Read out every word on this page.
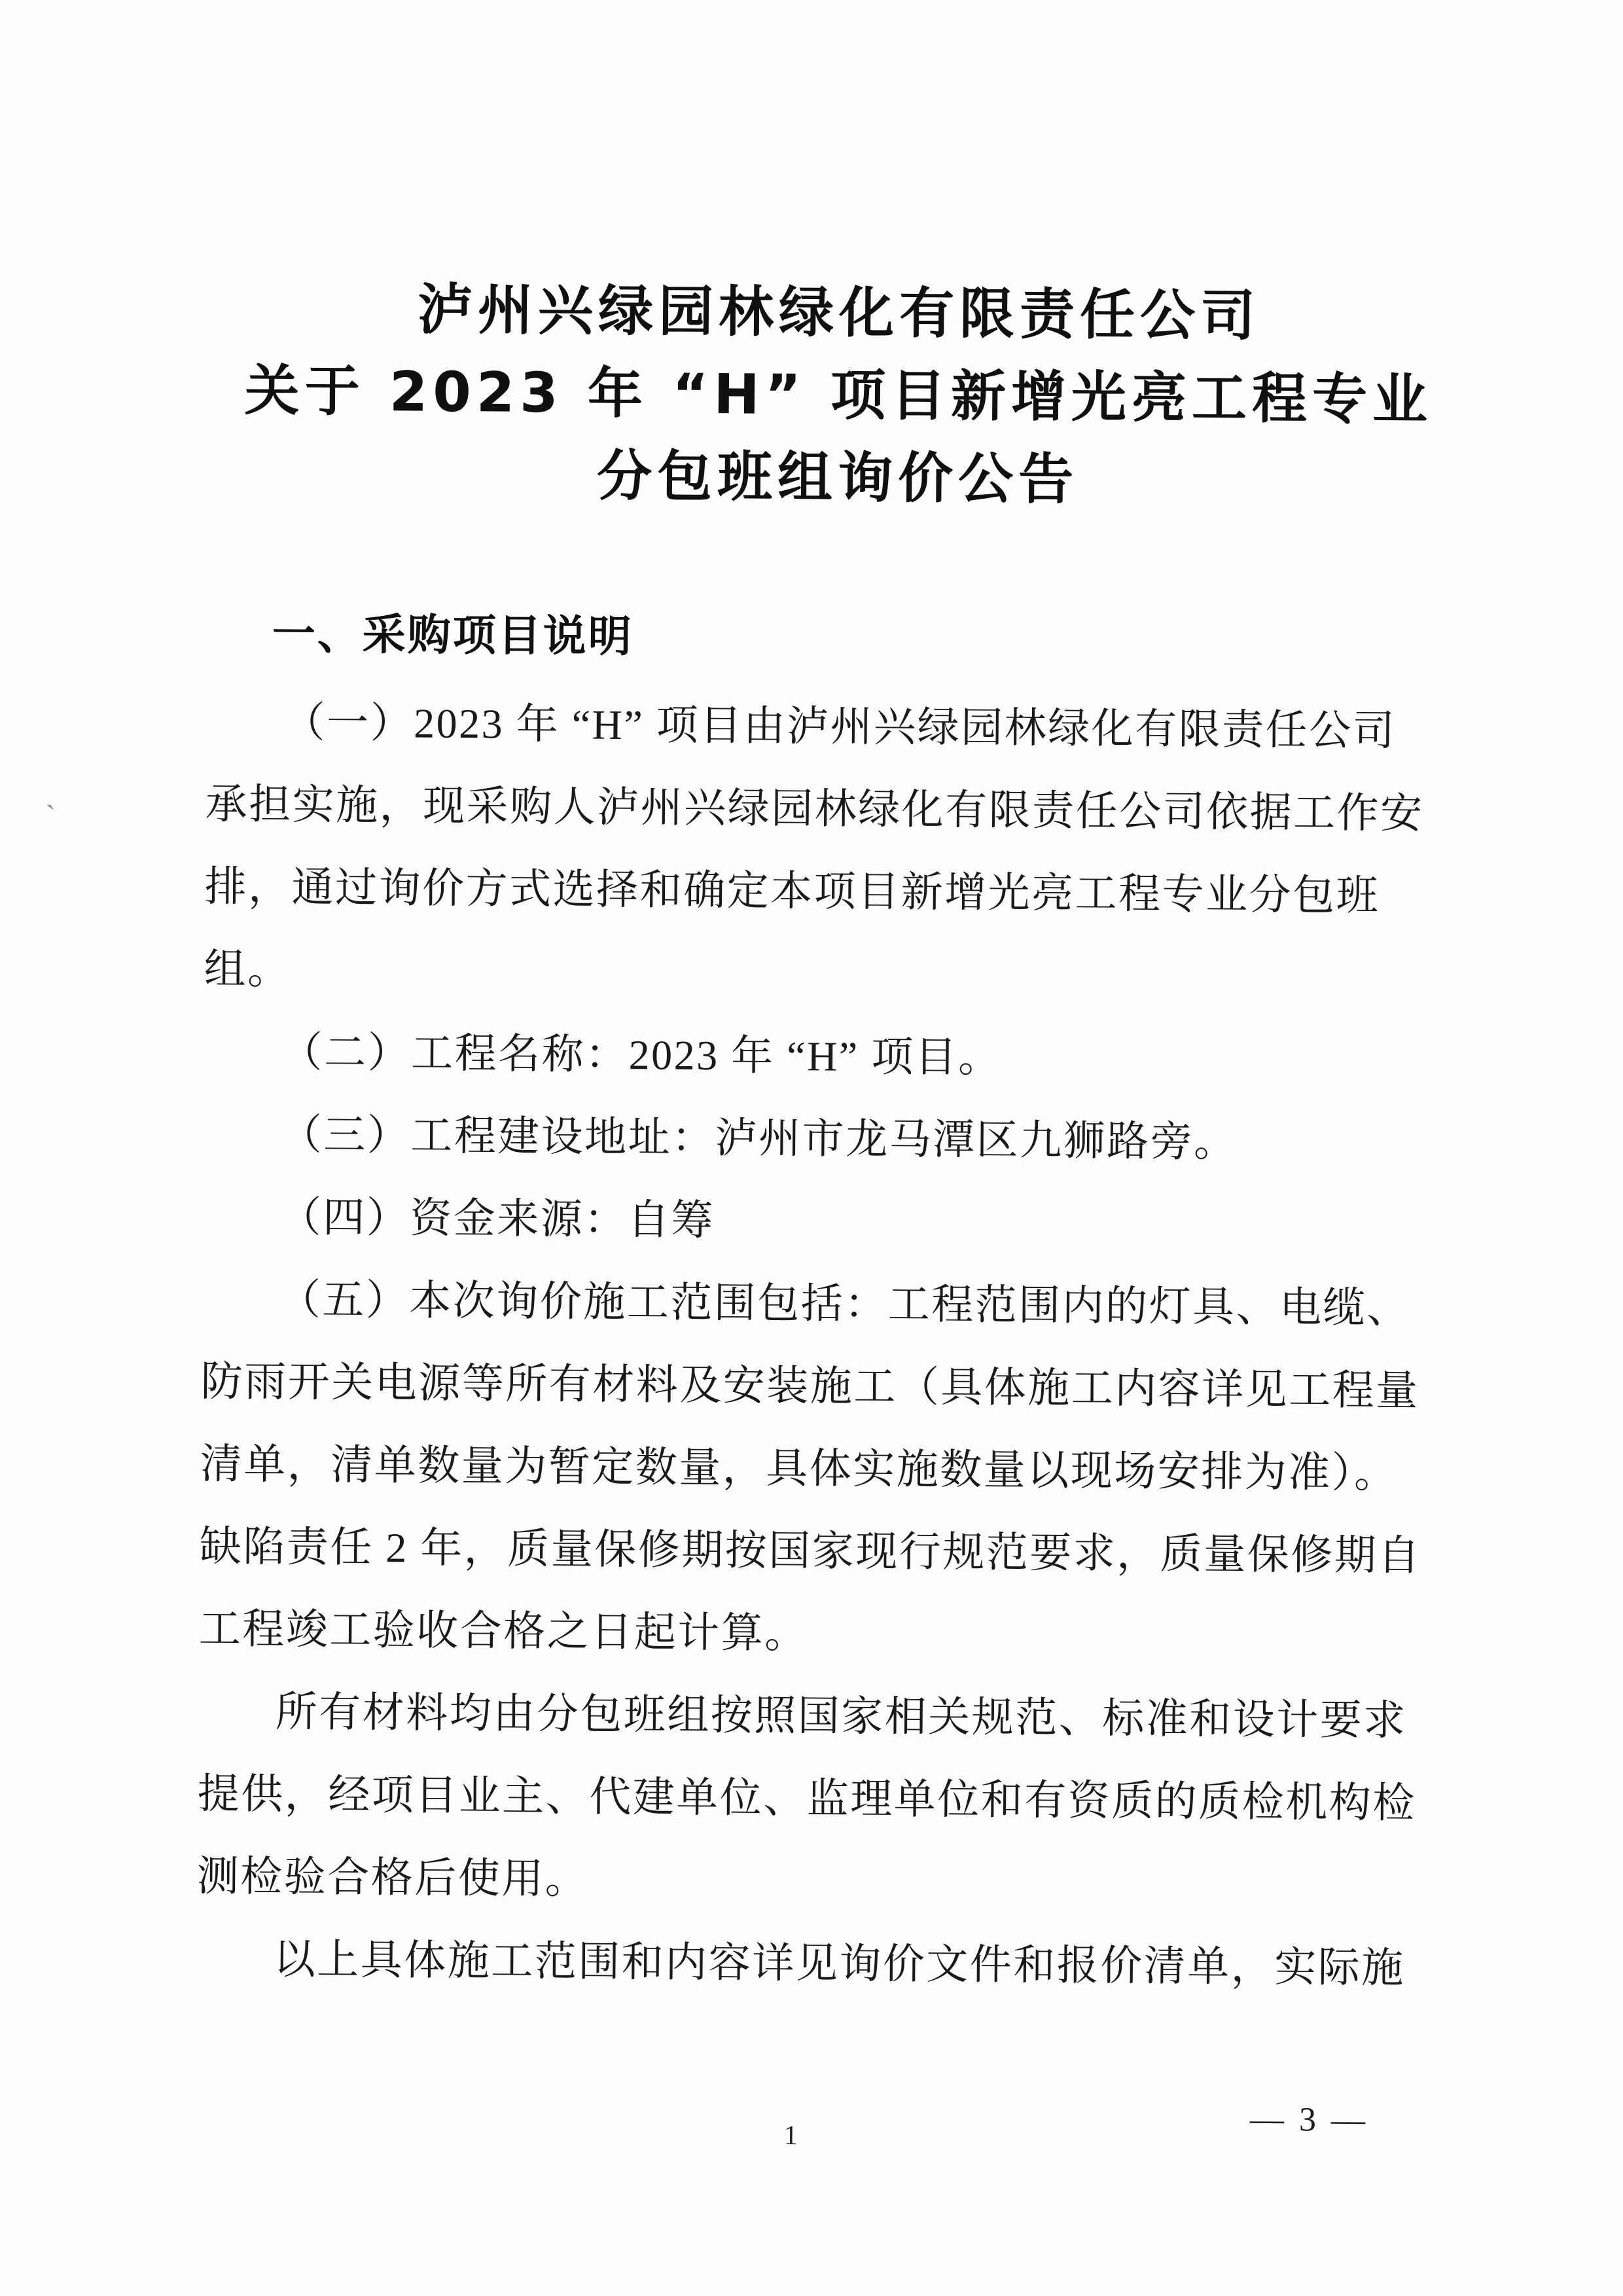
ˋ
泸州兴绿园林绿化有限责任公司
关于 2023 年 “H” 项目新增光亮工程专业
分包班组询价公告
一、采购项目说明
（一）2023 年 “H” 项目由泸州兴绿园林绿化有限责任公司
承担实施，现采购人泸州兴绿园林绿化有限责任公司依据工作安
排，通过询价方式选择和确定本项目新增光亮工程专业分包班
组。
（二）工程名称：2023 年 “H” 项目。
（三）工程建设地址：泸州市龙马潭区九狮路旁。
（四）资金来源：自筹
（五）本次询价施工范围包括：工程范围内的灯具、电缆、
防雨开关电源等所有材料及安装施工（具体施工内容详见工程量
清单，清单数量为暂定数量，具体实施数量以现场安排为准）。
缺陷责任 2 年，质量保修期按国家现行规范要求，质量保修期自
工程竣工验收合格之日起计算。
所有材料均由分包班组按照国家相关规范、标准和设计要求
提供，经项目业主、代建单位、监理单位和有资质的质检机构检
测检验合格后使用。
以上具体施工范围和内容详见询价文件和报价清单，实际施
1	— 3 —
